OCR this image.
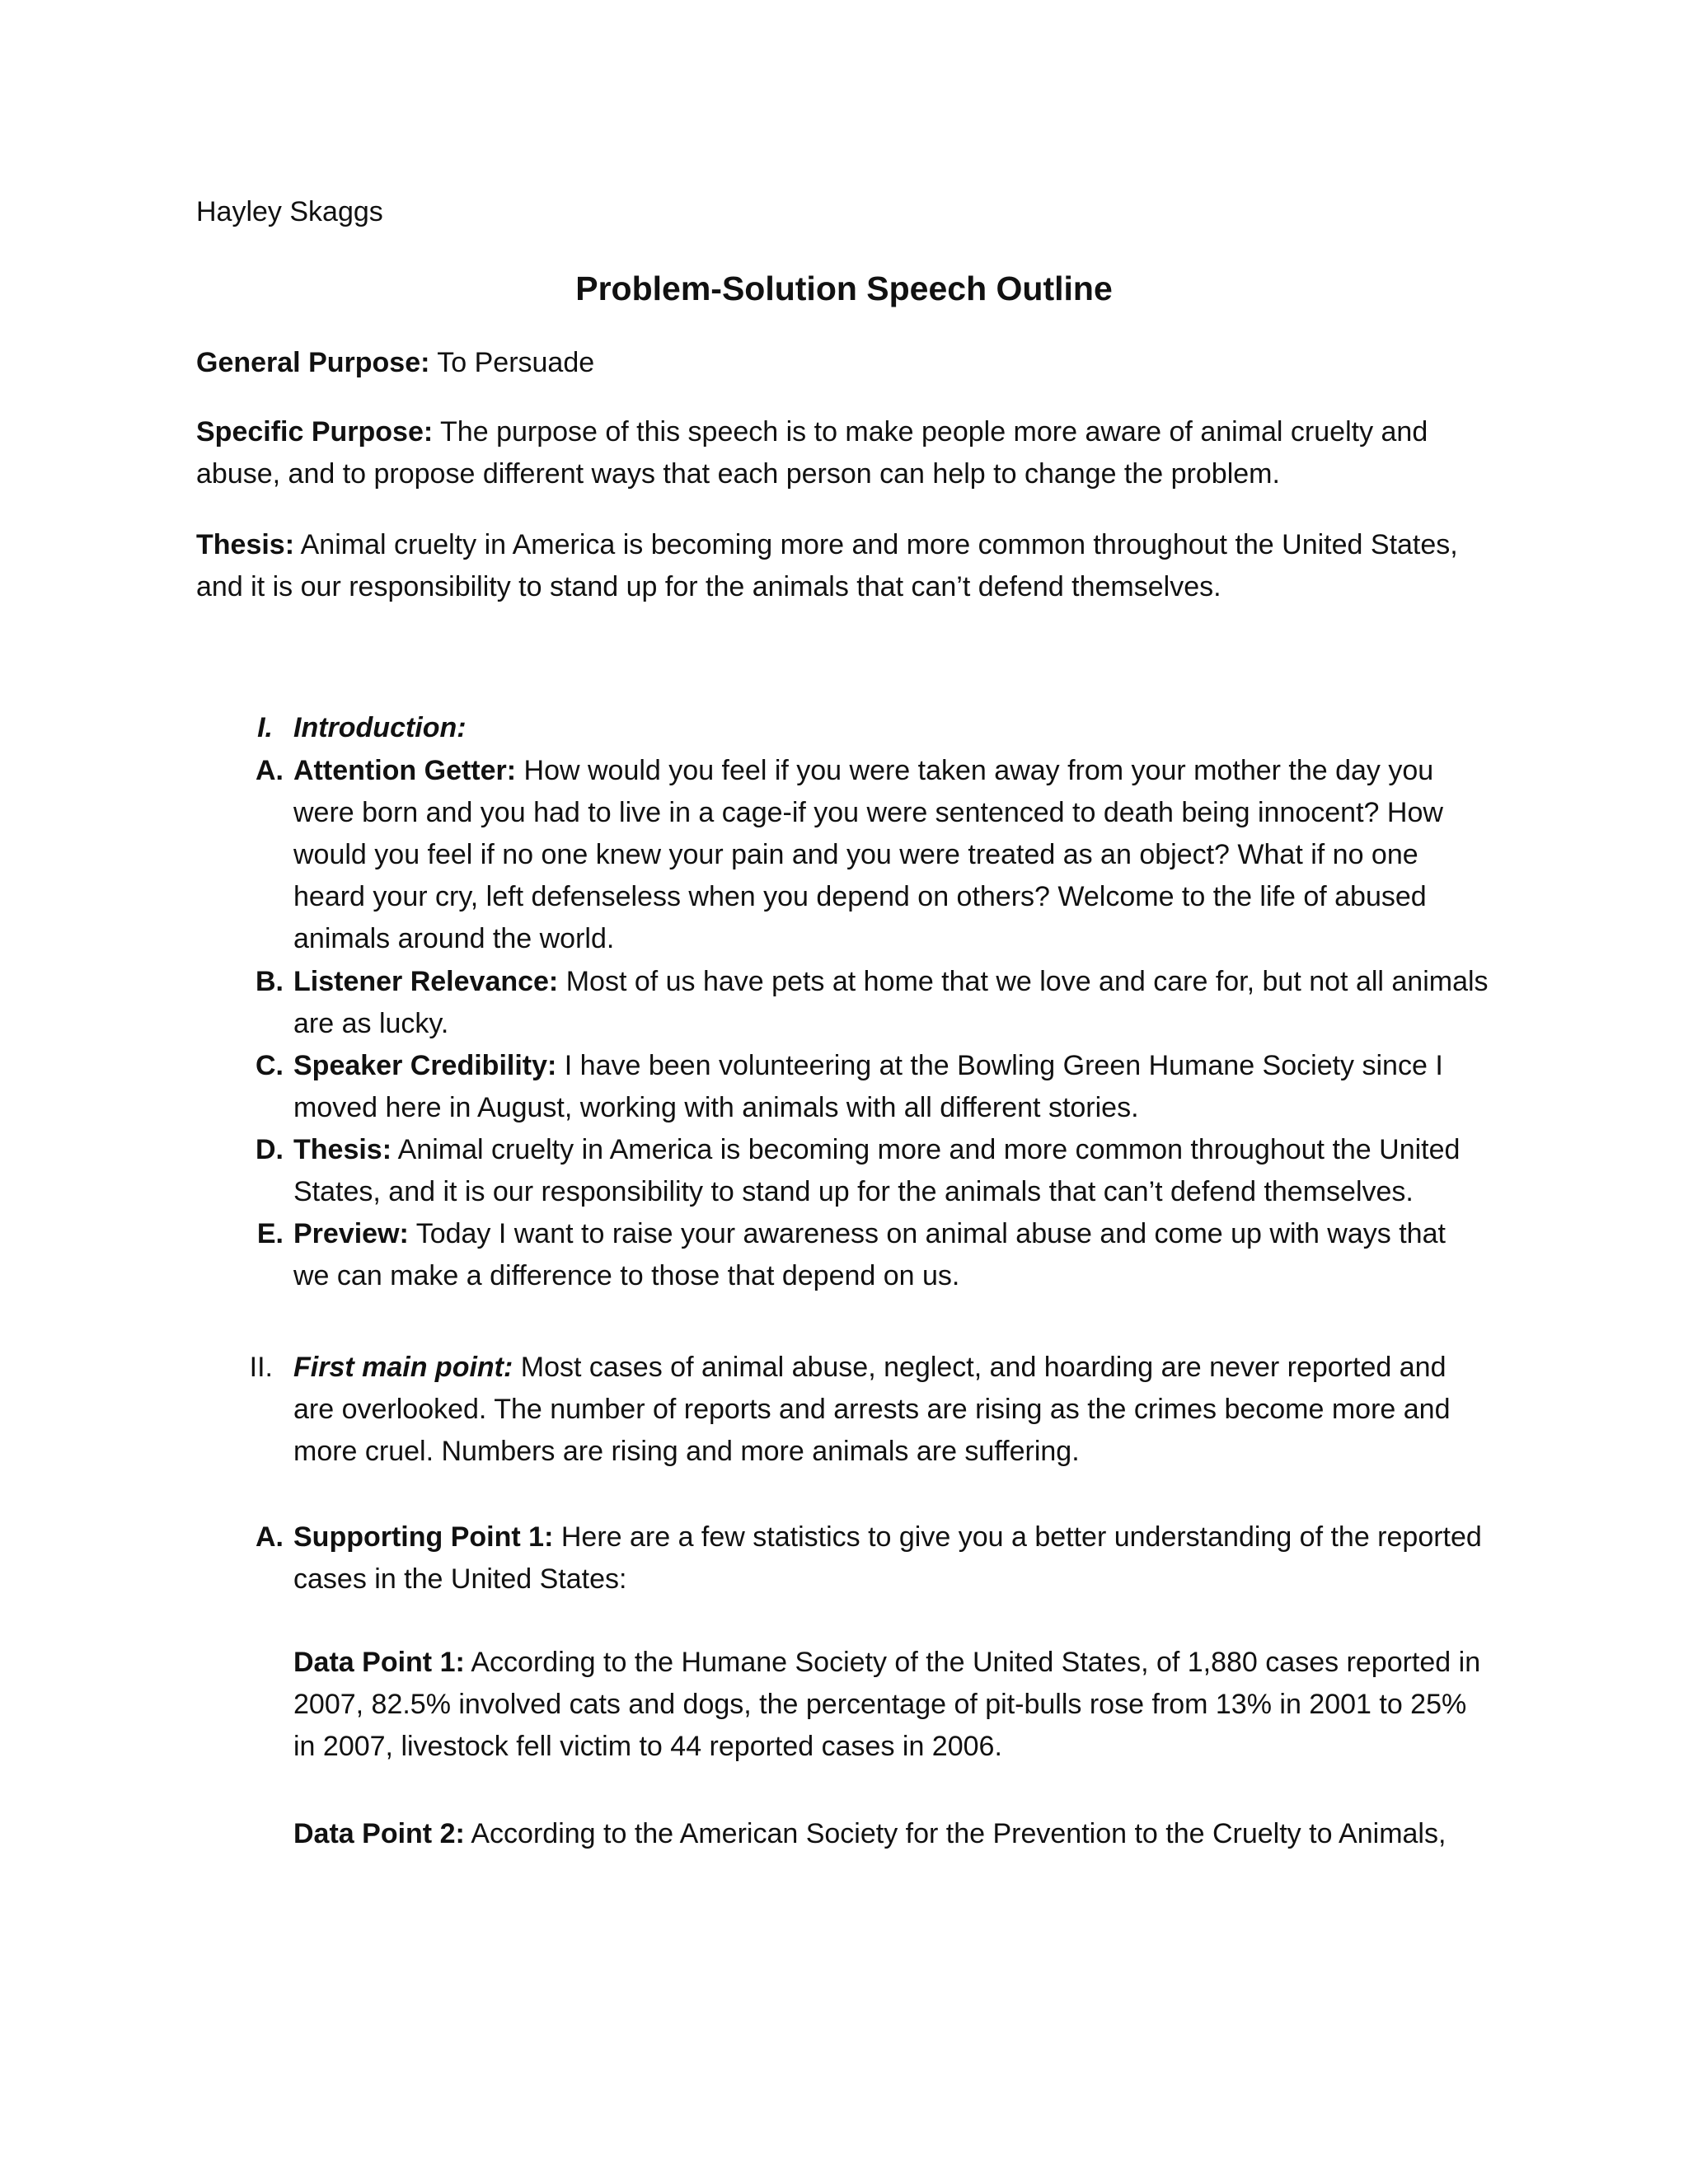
Hayley Skaggs
Problem-Solution Speech Outline
General Purpose: To Persuade
Specific Purpose: The purpose of this speech is to make people more aware of animal cruelty and abuse, and to propose different ways that each person can help to change the problem.
Thesis: Animal cruelty in America is becoming more and more common throughout the United States, and it is our responsibility to stand up for the animals that can’t defend themselves.
I. Introduction:
A. Attention Getter: How would you feel if you were taken away from your mother the day you were born and you had to live in a cage-if you were sentenced to death being innocent? How would you feel if no one knew your pain and you were treated as an object? What if no one heard your cry, left defenseless when you depend on others? Welcome to the life of abused animals around the world.
B. Listener Relevance: Most of us have pets at home that we love and care for, but not all animals are as lucky.
C. Speaker Credibility: I have been volunteering at the Bowling Green Humane Society since I moved here in August, working with animals with all different stories.
D. Thesis: Animal cruelty in America is becoming more and more common throughout the United States, and it is our responsibility to stand up for the animals that can’t defend themselves.
E. Preview: Today I want to raise your awareness on animal abuse and come up with ways that we can make a difference to those that depend on us.
II. First main point: Most cases of animal abuse, neglect, and hoarding are never reported and are overlooked. The number of reports and arrests are rising as the crimes become more and more cruel. Numbers are rising and more animals are suffering.
A. Supporting Point 1: Here are a few statistics to give you a better understanding of the reported cases in the United States:
Data Point 1: According to the Humane Society of the United States, of 1,880 cases reported in 2007, 82.5% involved cats and dogs, the percentage of pit-bulls rose from 13% in 2001 to 25% in 2007, livestock fell victim to 44 reported cases in 2006.
Data Point 2: According to the American Society for the Prevention to the Cruelty to Animals,
